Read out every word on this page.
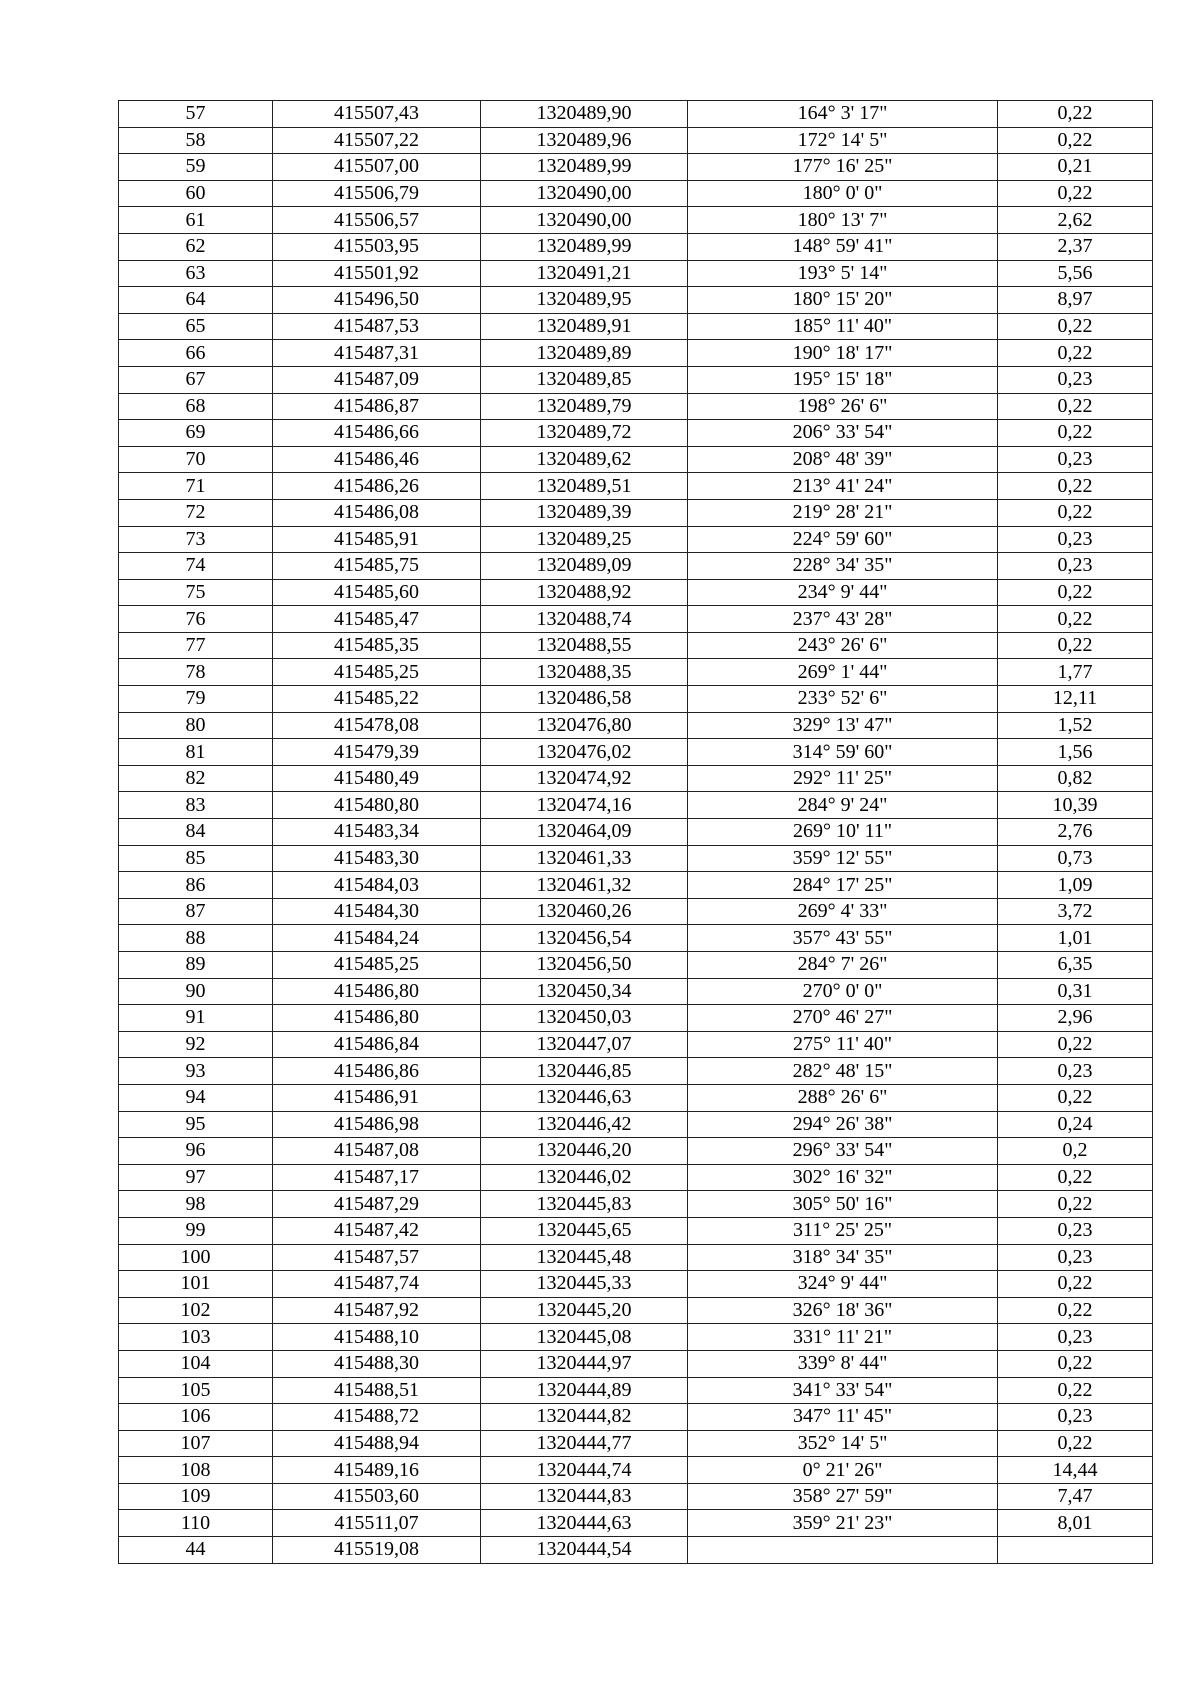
57	415507,43	1320489,90	164° 3' 17"	0,22
58	415507,22	1320489,96	172° 14' 5"	0,22
59	415507,00	1320489,99	177° 16' 25"	0,21
60	415506,79	1320490,00	180° 0' 0"	0,22
61	415506,57	1320490,00	180° 13' 7"	2,62
62	415503,95	1320489,99	148° 59' 41"	2,37
63	415501,92	1320491,21	193° 5' 14"	5,56
64	415496,50	1320489,95	180° 15' 20"	8,97
65	415487,53	1320489,91	185° 11' 40"	0,22
66	415487,31	1320489,89	190° 18' 17"	0,22
67	415487,09	1320489,85	195° 15' 18"	0,23
68	415486,87	1320489,79	198° 26' 6"	0,22
69	415486,66	1320489,72	206° 33' 54"	0,22
70	415486,46	1320489,62	208° 48' 39"	0,23
71	415486,26	1320489,51	213° 41' 24"	0,22
72	415486,08	1320489,39	219° 28' 21"	0,22
73	415485,91	1320489,25	224° 59' 60"	0,23
74	415485,75	1320489,09	228° 34' 35"	0,23
75	415485,60	1320488,92	234° 9' 44"	0,22
76	415485,47	1320488,74	237° 43' 28"	0,22
77	415485,35	1320488,55	243° 26' 6"	0,22
78	415485,25	1320488,35	269° 1' 44"	1,77
79	415485,22	1320486,58	233° 52' 6"	12,11
80	415478,08	1320476,80	329° 13' 47"	1,52
81	415479,39	1320476,02	314° 59' 60"	1,56
82	415480,49	1320474,92	292° 11' 25"	0,82
83	415480,80	1320474,16	284° 9' 24"	10,39
84	415483,34	1320464,09	269° 10' 11"	2,76
85	415483,30	1320461,33	359° 12' 55"	0,73
86	415484,03	1320461,32	284° 17' 25"	1,09
87	415484,30	1320460,26	269° 4' 33"	3,72
88	415484,24	1320456,54	357° 43' 55"	1,01
89	415485,25	1320456,50	284° 7' 26"	6,35
90	415486,80	1320450,34	270° 0' 0"	0,31
91	415486,80	1320450,03	270° 46' 27"	2,96
92	415486,84	1320447,07	275° 11' 40"	0,22
93	415486,86	1320446,85	282° 48' 15"	0,23
94	415486,91	1320446,63	288° 26' 6"	0,22
95	415486,98	1320446,42	294° 26' 38"	0,24
96	415487,08	1320446,20	296° 33' 54"	0,2
97	415487,17	1320446,02	302° 16' 32"	0,22
98	415487,29	1320445,83	305° 50' 16"	0,22
99	415487,42	1320445,65	311° 25' 25"	0,23
100	415487,57	1320445,48	318° 34' 35"	0,23
101	415487,74	1320445,33	324° 9' 44"	0,22
102	415487,92	1320445,20	326° 18' 36"	0,22
103	415488,10	1320445,08	331° 11' 21"	0,23
104	415488,30	1320444,97	339° 8' 44"	0,22
105	415488,51	1320444,89	341° 33' 54"	0,22
106	415488,72	1320444,82	347° 11' 45"	0,23
107	415488,94	1320444,77	352° 14' 5"	0,22
108	415489,16	1320444,74	0° 21' 26"	14,44
109	415503,60	1320444,83	358° 27' 59"	7,47
110	415511,07	1320444,63	359° 21' 23"	8,01
44	415519,08	1320444,54		
